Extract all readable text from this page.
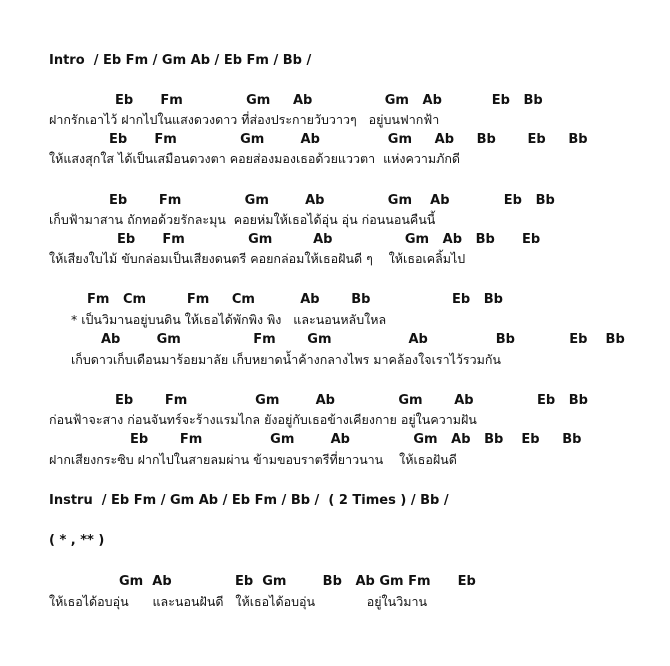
Intro  / Eb Fm / Gm Ab / Eb Fm / Bb /
Eb      Fm              Gm     Ab                Gm   Ab           Eb   Bb
ฝากรักเอาไว้ ฝากไปในแสงดวงดาว ที่ส่องประกายวับวาวๆ   อยู่บนฟากฟ้า
Eb      Fm              Gm        Ab               Gm     Ab     Bb       Eb     Bb
ให้แสงสุกใส ได้เป็นเสมือนดวงตา คอยส่องมองเธอด้วยแววตา  แห่งความภักดี
Eb       Fm              Gm        Ab              Gm    Ab            Eb   Bb
เก็บฟ้ามาสาน ถักทอด้วยรักละมุน  คอยห่มให้เธอได้อุ่น อุ่น ก่อนนอนคืนนี้
Eb      Fm              Gm         Ab                Gm   Ab   Bb      Eb
ให้เสียงใบไม้ ขับกล่อมเป็นเสียงดนตรี คอยกล่อมให้เธอฝันดี ๆ    ให้เธอเคลิ้มไป
Fm   Cm         Fm     Cm          Ab       Bb                  Eb   Bb
* เป็นวิมานอยู่บนดิน ให้เธอได้พักพิง พิง   และนอนหลับใหล
Ab        Gm                Fm       Gm                 Ab               Bb            Eb    Bb
เก็บดาวเก็บเดือนมาร้อยมาลัย เก็บหยาดน้ำค้างกลางไพร มาคล้องใจเราไว้รวมกัน
Eb       Fm               Gm        Ab              Gm       Ab              Eb   Bb
ก่อนฟ้าจะสาง ก่อนจันทร์จะร้างแรมไกล ยังอยู่กับเธอข้างเคียงกาย อยู่ในความฝัน
Eb       Fm               Gm        Ab              Gm   Ab   Bb    Eb     Bb
ฝากเสียงกระซิบ ฝากไปในสายลมผ่าน ข้ามขอบราตรีที่ยาวนาน    ให้เธอฝันดี
Instru  / Eb Fm / Gm Ab / Eb Fm / Bb /  ( 2 Times ) / Bb /
( * , ** )
Gm  Ab              Eb  Gm        Bb   Ab Gm Fm      Eb
ให้เธอได้อบอุ่น      และนอนฝันดี   ให้เธอได้อบอุ่น             อยู่ในวิมาน
